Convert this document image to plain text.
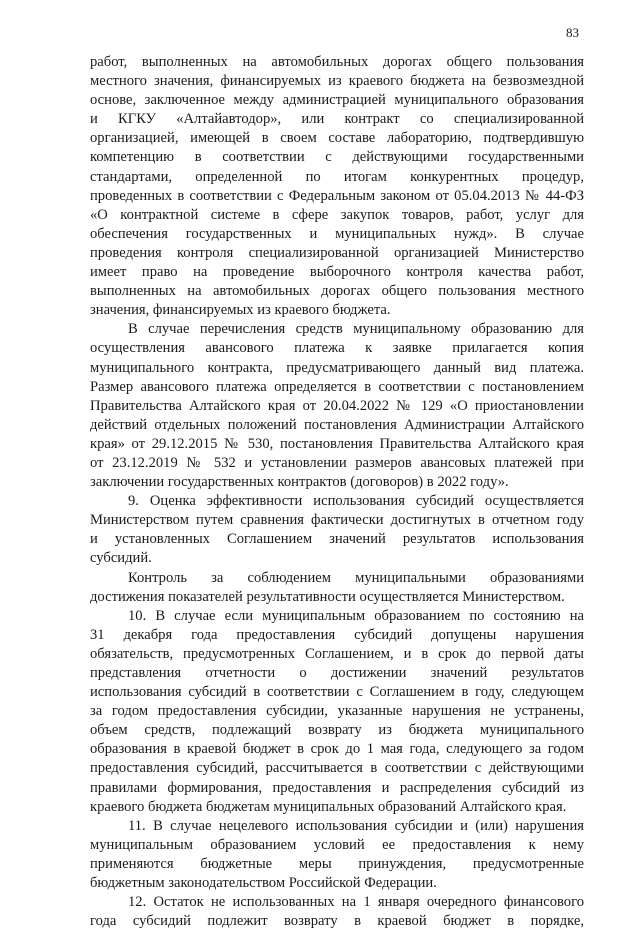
83
работ, выполненных на автомобильных дорогах общего пользования
местного значения, финансируемых из краевого бюджета на безвозмездной
основе, заключенное между администрацией муниципального образования
и КГКУ «Алтайавтодор», или контракт со специализированной
организацией, имеющей в своем составе лабораторию, подтвердившую
компетенцию в соответствии с действующими государственными
стандартами, определенной по итогам конкурентных процедур,
проведенных в соответствии с Федеральным законом от 05.04.2013 № 44-ФЗ
«О контрактной системе в сфере закупок товаров, работ, услуг для
обеспечения государственных и муниципальных нужд». В случае
проведения контроля специализированной организацией Министерство
имеет право на проведение выборочного контроля качества работ,
выполненных на автомобильных дорогах общего пользования местного
значения, финансируемых из краевого бюджета.
В случае перечисления средств муниципальному образованию для
осуществления авансового платежа к заявке прилагается копия
муниципального контракта, предусматривающего данный вид платежа.
Размер авансового платежа определяется в соответствии с постановлением
Правительства Алтайского края от 20.04.2022 № 129 «О приостановлении
действий отдельных положений постановления Администрации Алтайского
края» от 29.12.2015 № 530, постановления Правительства Алтайского края
от 23.12.2019 № 532 и установлении размеров авансовых платежей при
заключении государственных контрактов (договоров) в 2022 году».
9. Оценка эффективности использования субсидий осуществляется
Министерством путем сравнения фактически достигнутых в отчетном году
и установленных Соглашением значений результатов использования
субсидий.
Контроль за соблюдением муниципальными образованиями
достижения показателей результативности осуществляется Министерством.
10. В случае если муниципальным образованием по состоянию на
31 декабря года предоставления субсидий допущены нарушения
обязательств, предусмотренных Соглашением, и в срок до первой даты
представления отчетности о достижении значений результатов
использования субсидий в соответствии с Соглашением в году, следующем
за годом предоставления субсидии, указанные нарушения не устранены,
объем средств, подлежащий возврату из бюджета муниципального
образования в краевой бюджет в срок до 1 мая года, следующего за годом
предоставления субсидий, рассчитывается в соответствии с действующими
правилами формирования, предоставления и распределения субсидий из
краевого бюджета бюджетам муниципальных образований Алтайского края.
11. В случае нецелевого использования субсидии и (или) нарушения
муниципальным образованием условий ее предоставления к нему
применяются бюджетные меры принуждения, предусмотренные
бюджетным законодательством Российской Федерации.
12. Остаток не использованных на 1 января очередного финансового
года субсидий подлежит возврату в краевой бюджет в порядке,
